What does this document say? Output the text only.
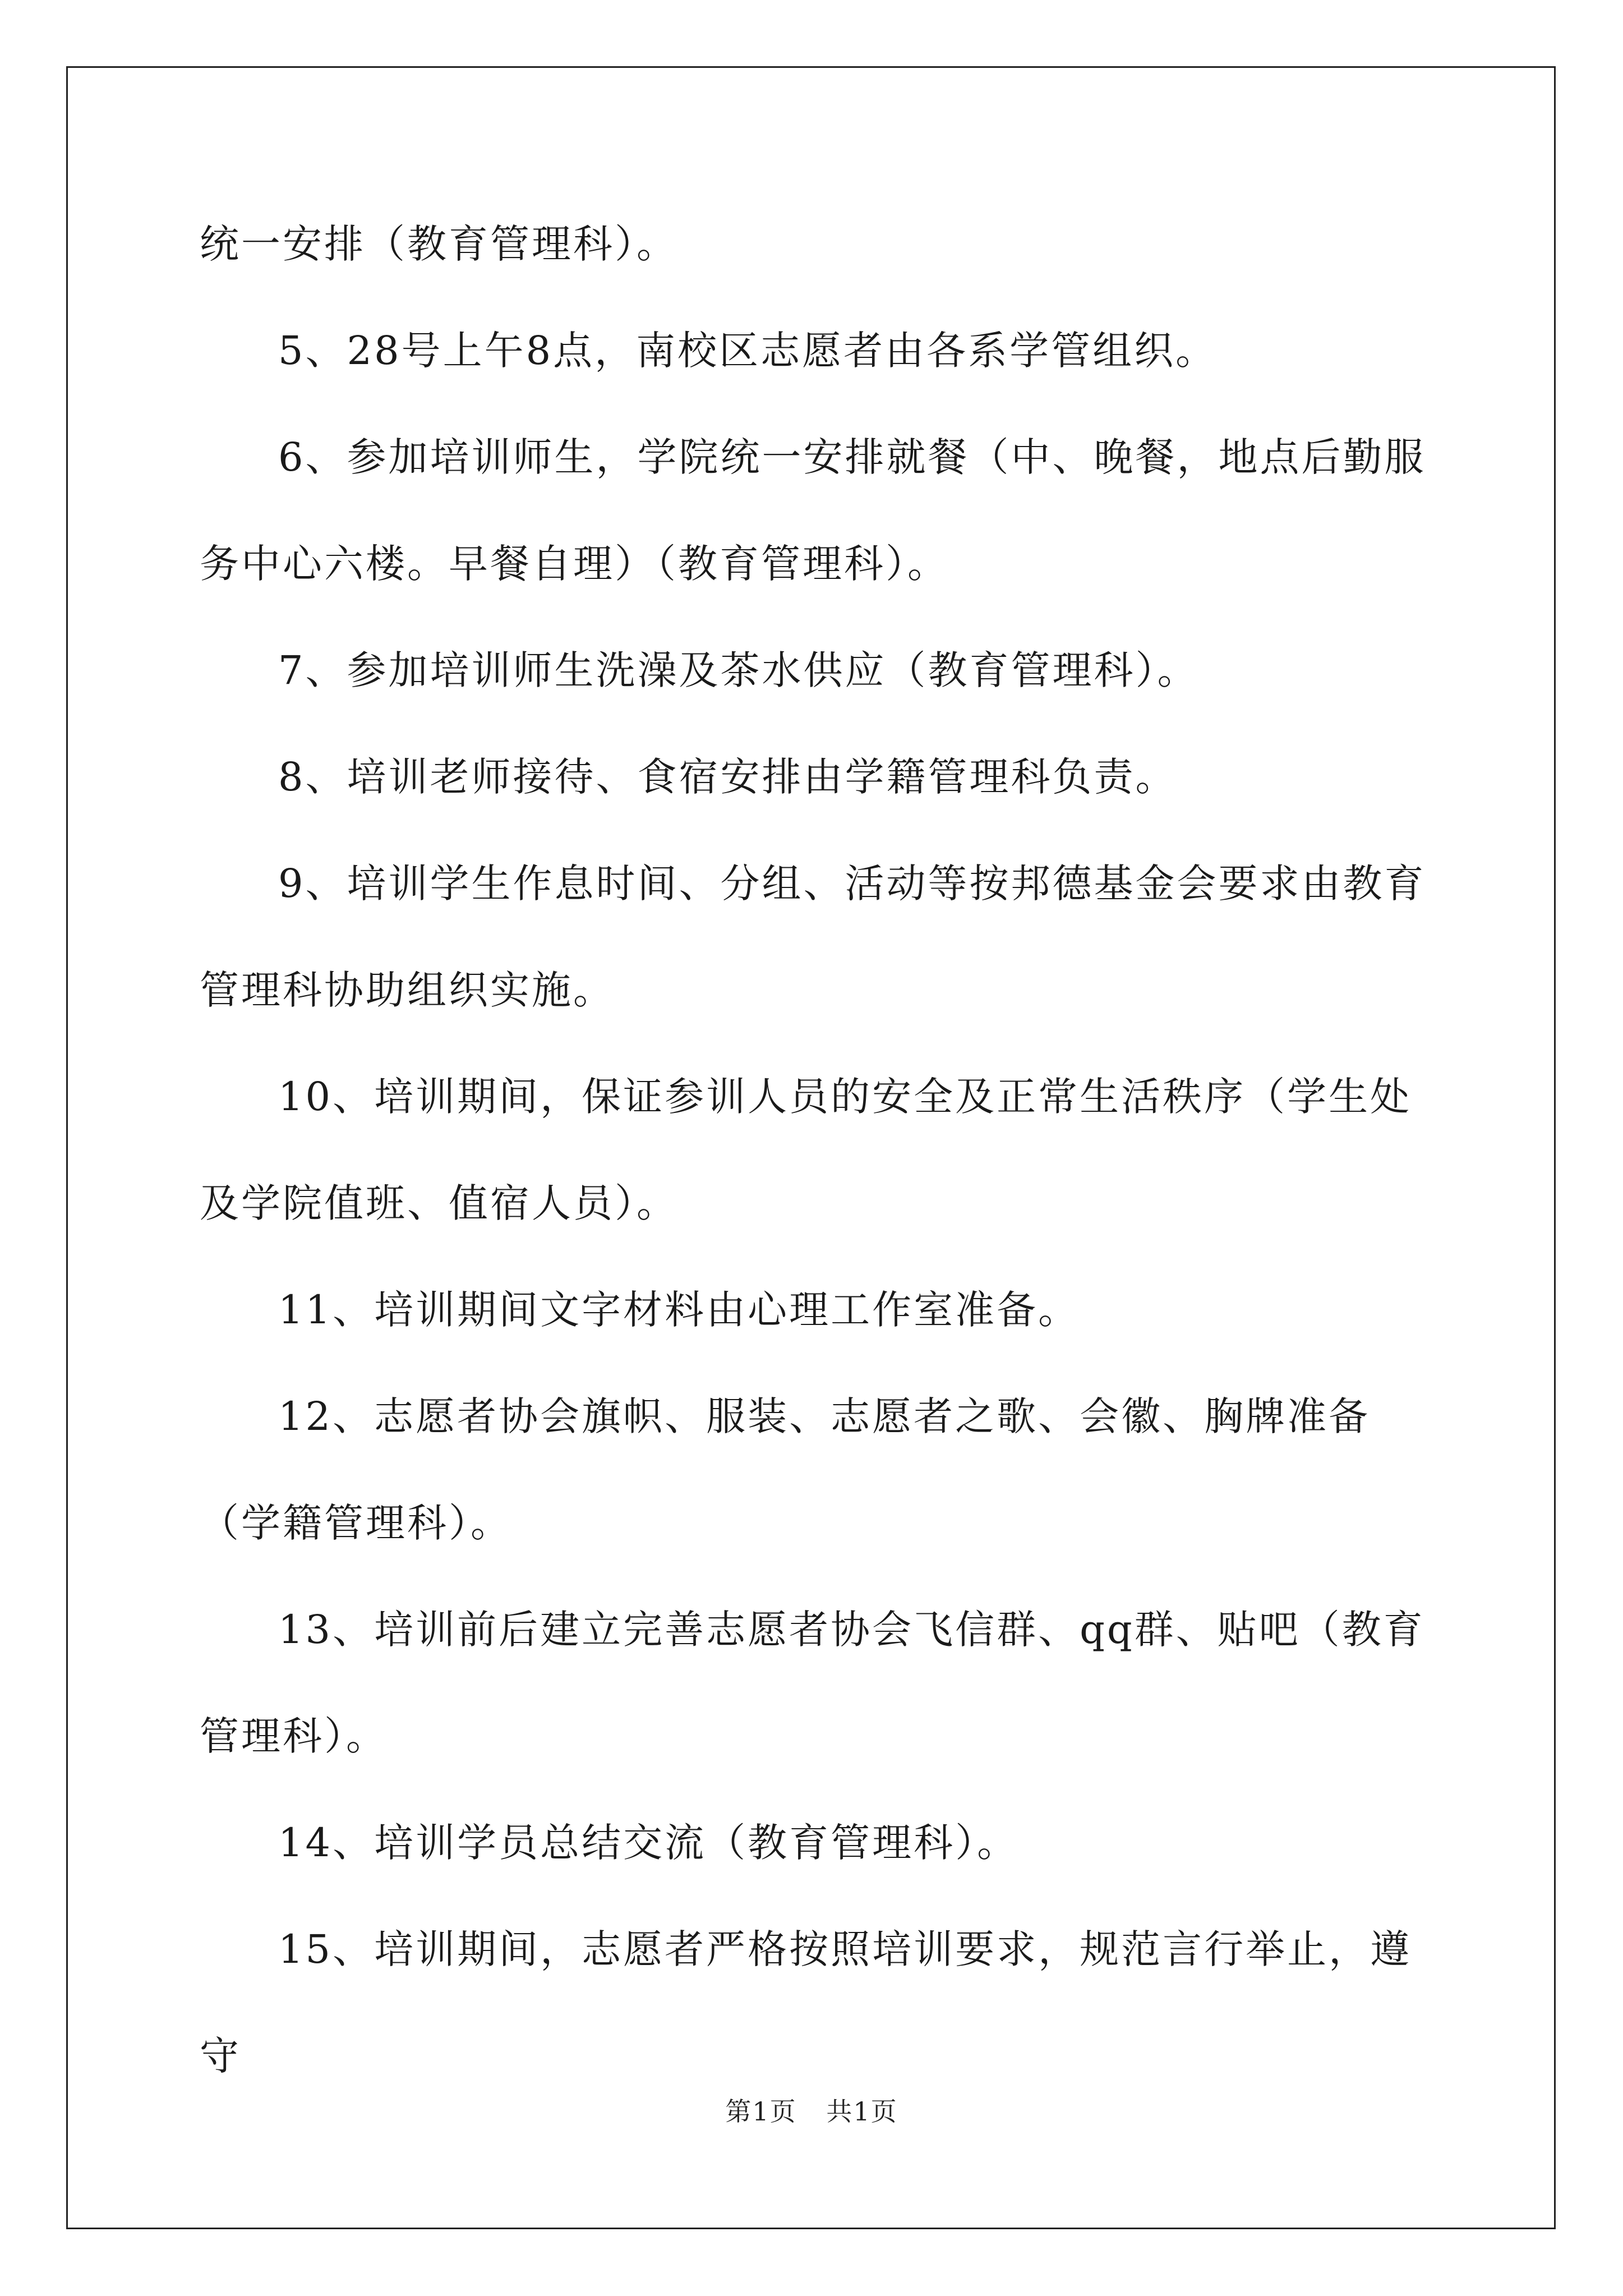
统一安排（教育管理科）。

5、28号上午8点，南校区志愿者由各系学管组织。

6、参加培训师生，学院统一安排就餐（中、晚餐，地点后勤服务中心六楼。早餐自理）（教育管理科）。

7、参加培训师生洗澡及茶水供应（教育管理科）。

8、培训老师接待、食宿安排由学籍管理科负责。

9、培训学生作息时间、分组、活动等按邦德基金会要求由教育管理科协助组织实施。

10、培训期间，保证参训人员的安全及正常生活秩序（学生处及学院值班、值宿人员）。

11、培训期间文字材料由心理工作室准备。

12、志愿者协会旗帜、服装、志愿者之歌、会徽、胸牌准备（学籍管理科）。

13、培训前后建立完善志愿者协会飞信群、qq群、贴吧（教育管理科）。

14、培训学员总结交流（教育管理科）。

15、培训期间，志愿者严格按照培训要求，规范言行举止，遵守

第1页 共1页
